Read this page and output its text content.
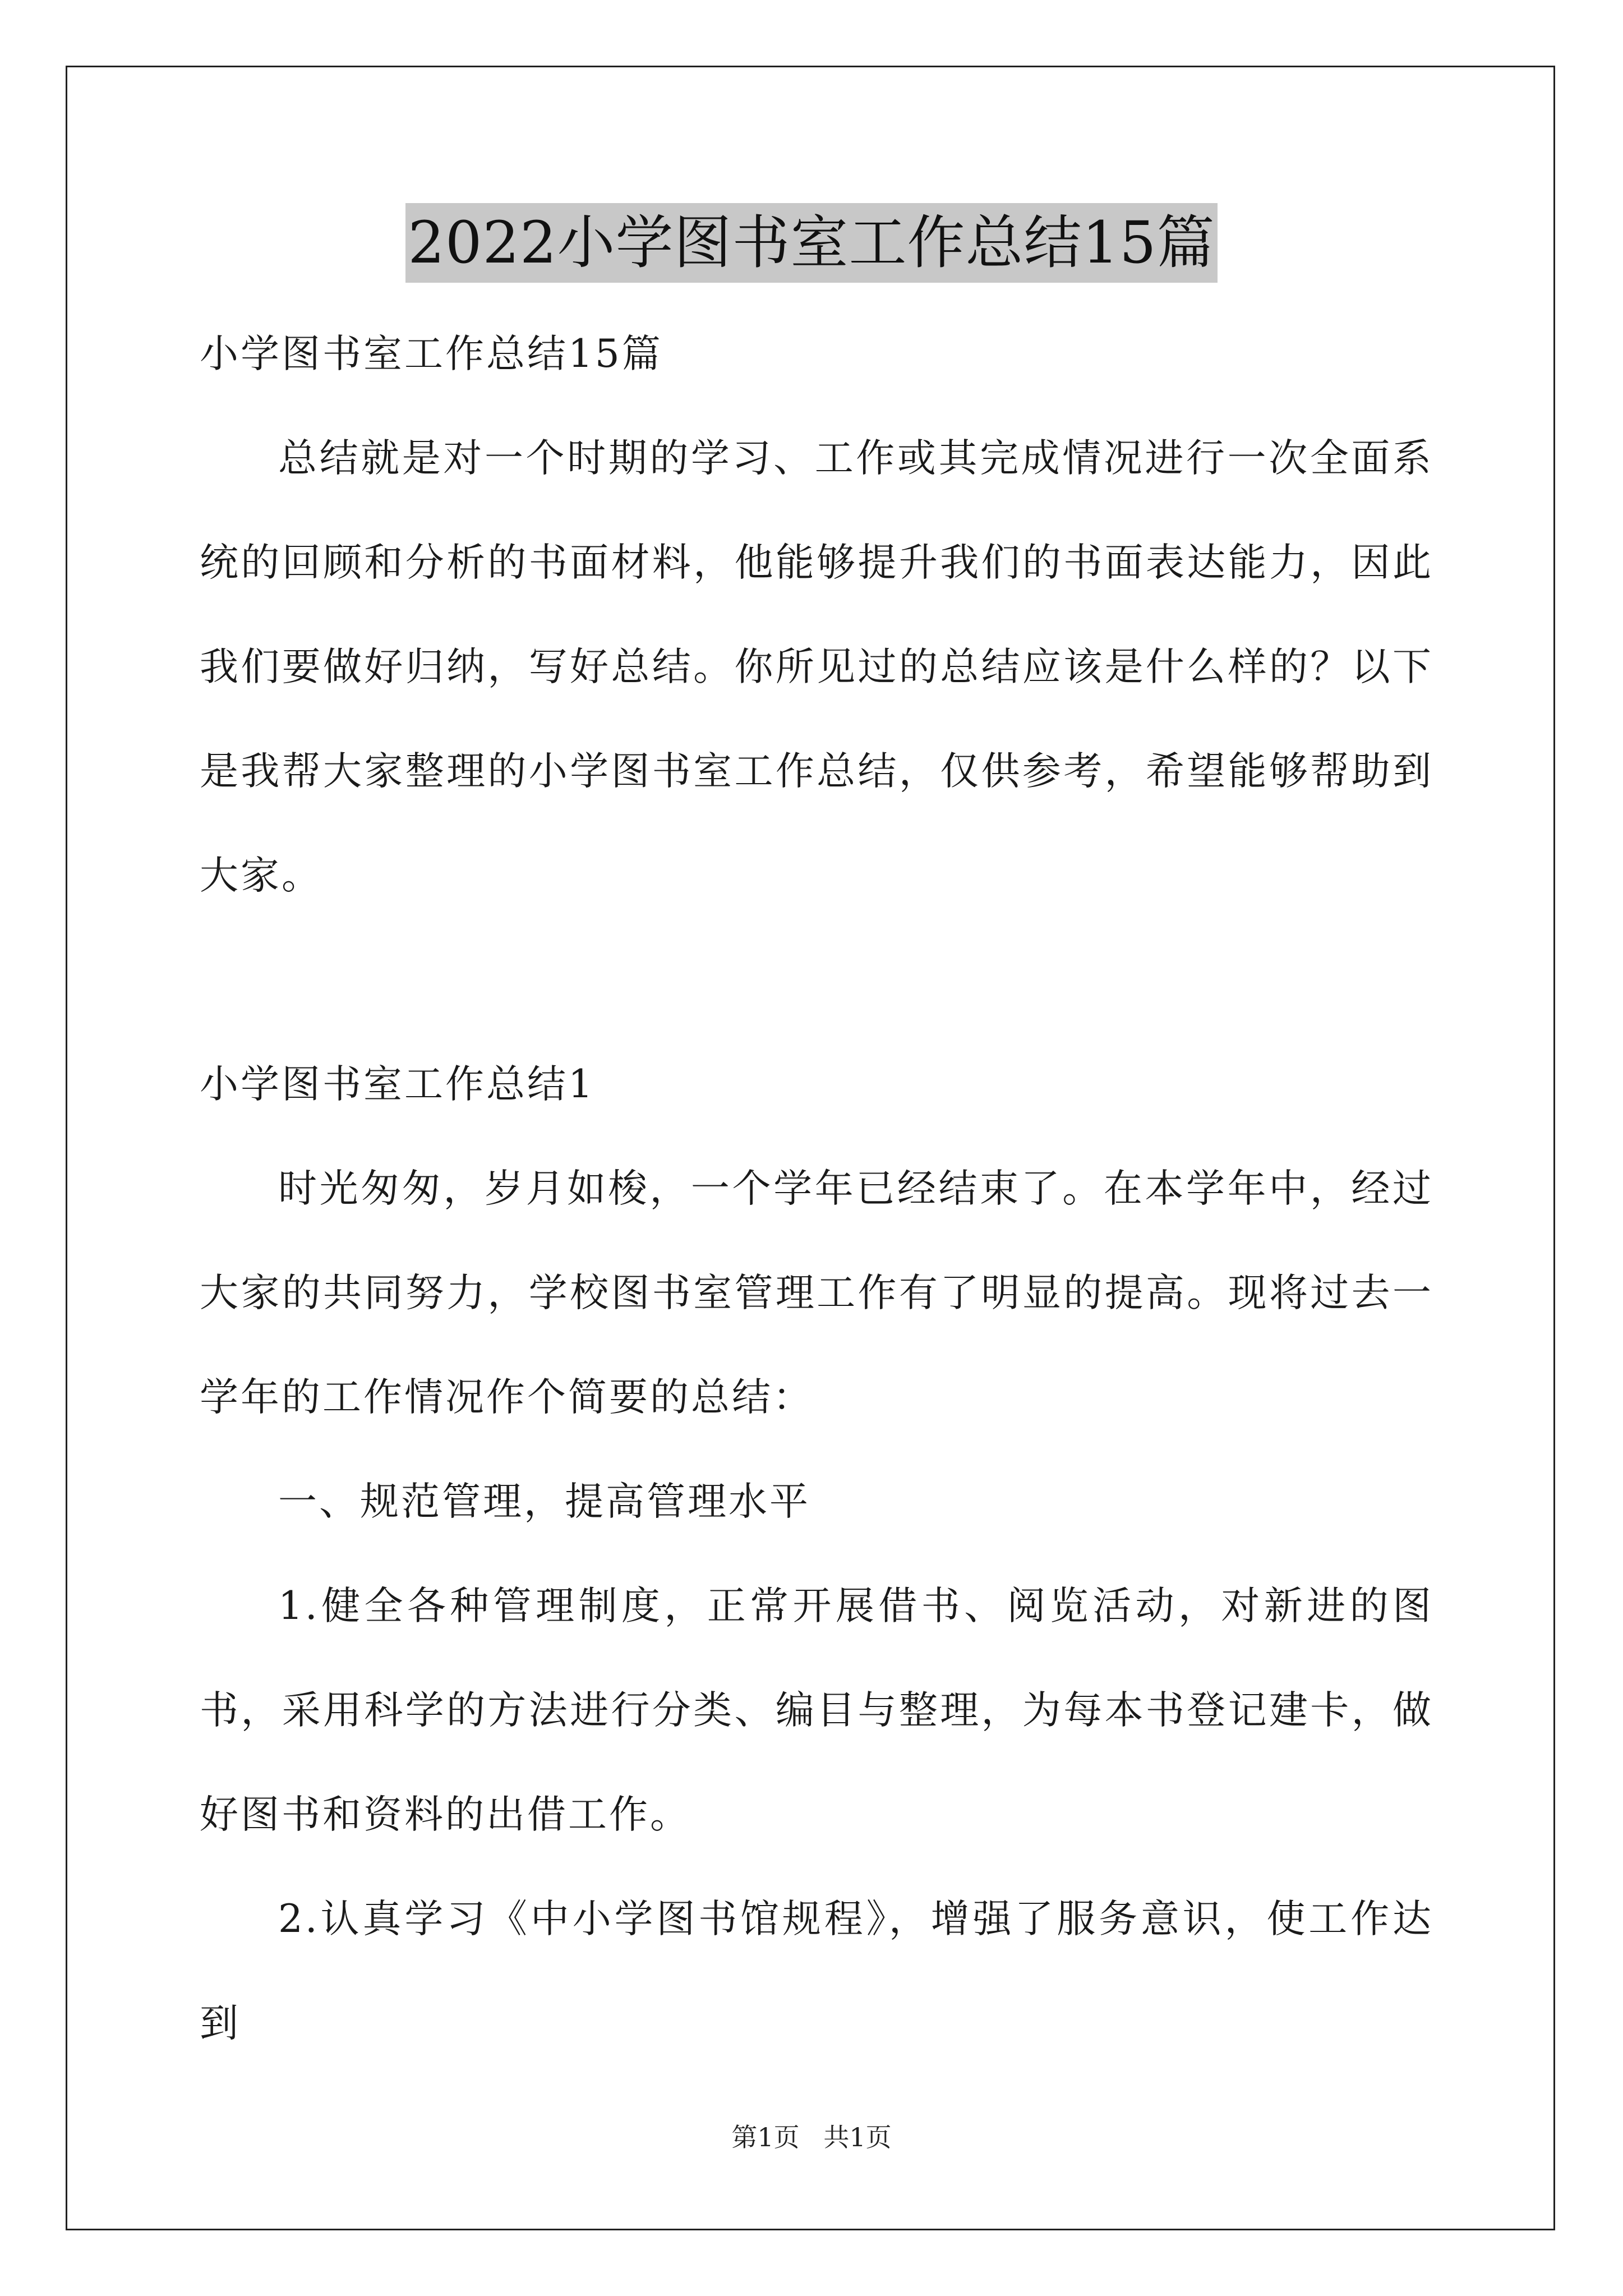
2022小学图书室工作总结15篇

小学图书室工作总结15篇

总结就是对一个时期的学习、工作或其完成情况进行一次全面系统的回顾和分析的书面材料，他能够提升我们的书面表达能力，因此我们要做好归纳，写好总结。你所见过的总结应该是什么样的？以下是我帮大家整理的小学图书室工作总结，仅供参考，希望能够帮助到大家。

小学图书室工作总结1

时光匆匆，岁月如梭，一个学年已经结束了。在本学年中，经过大家的共同努力，学校图书室管理工作有了明显的提高。现将过去一学年的工作情况作个简要的总结：

一、规范管理，提高管理水平

1.健全各种管理制度，正常开展借书、阅览活动，对新进的图书，采用科学的方法进行分类、编目与整理，为每本书登记建卡，做好图书和资料的出借工作。

2.认真学习《中小学图书馆规程》，增强了服务意识，使工作达到

第1页 共1页
